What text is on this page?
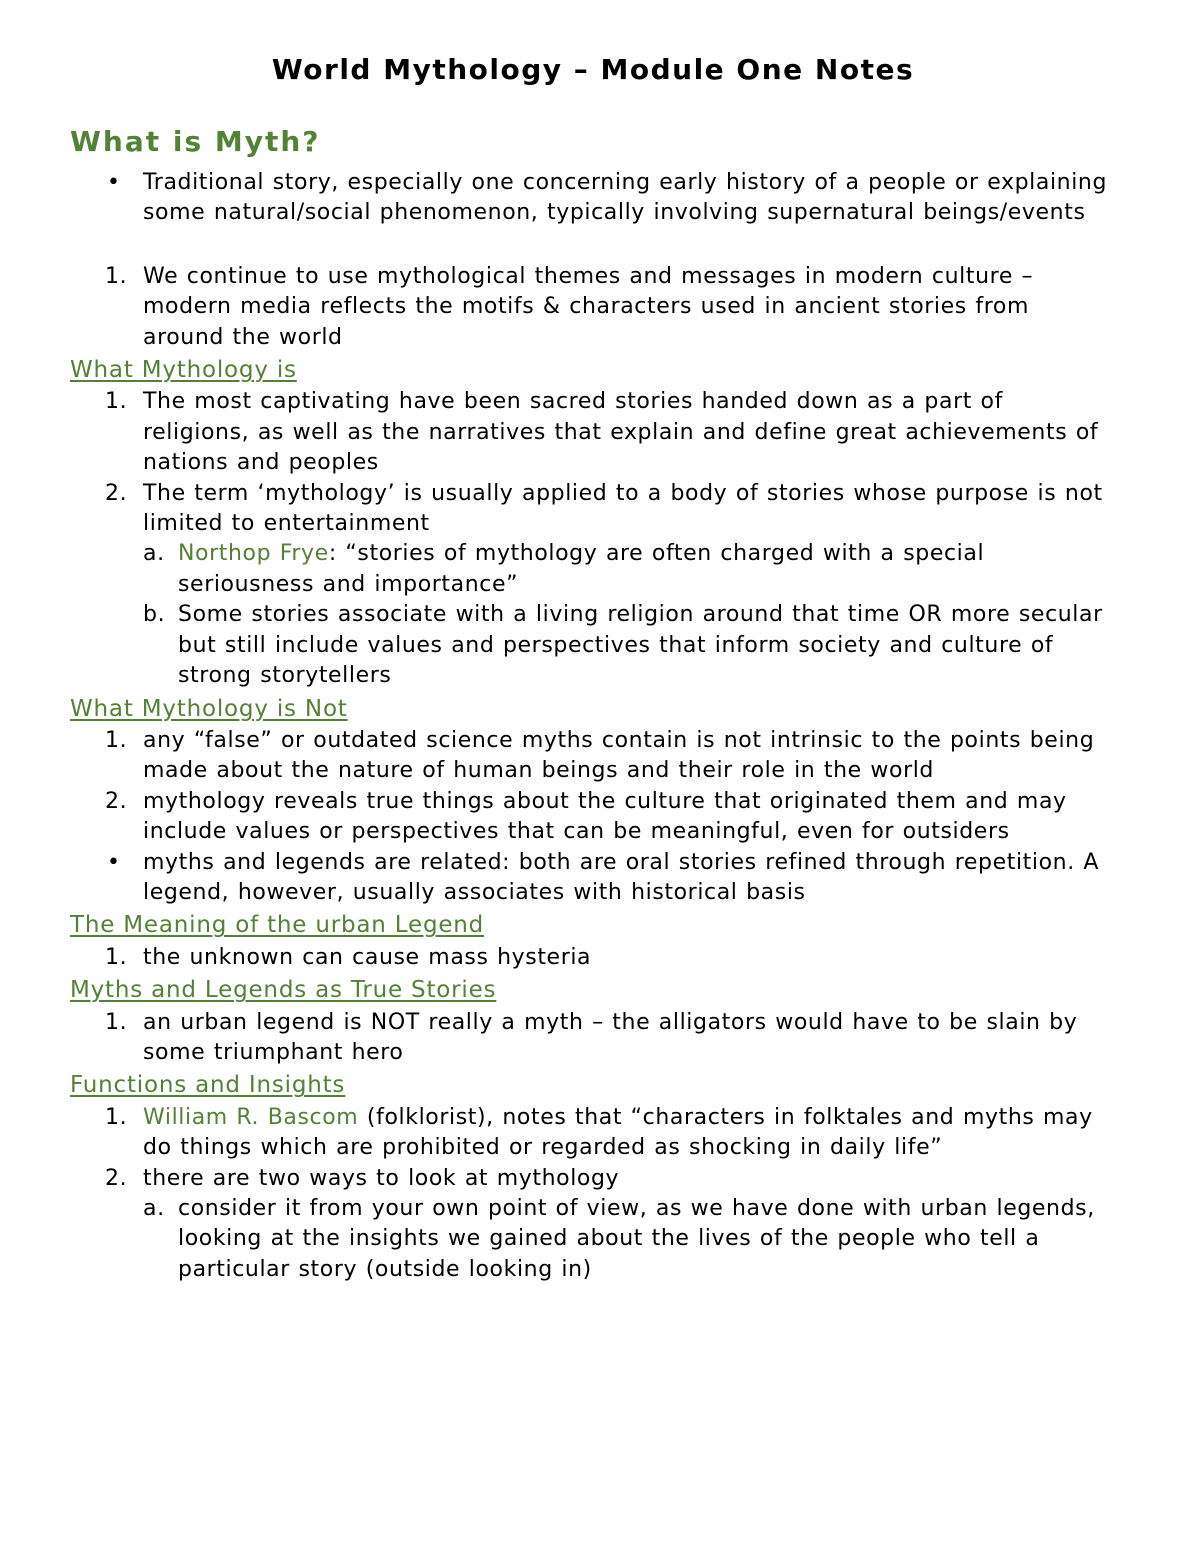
World Mythology – Module One Notes
What is Myth?
• Traditional story, especially one concerning early history of a people or explaining some natural/social phenomenon, typically involving supernatural beings/events
1. We continue to use mythological themes and messages in modern culture – modern media reflects the motifs & characters used in ancient stories from around the world
What Mythology is
1. The most captivating have been sacred stories handed down as a part of religions, as well as the narratives that explain and define great achievements of nations and peoples
2. The term ‘mythology’ is usually applied to a body of stories whose purpose is not limited to entertainment
a. Northop Frye: “stories of mythology are often charged with a special seriousness and importance”
b. Some stories associate with a living religion around that time OR more secular but still include values and perspectives that inform society and culture of strong storytellers
What Mythology is Not
1. any “false” or outdated science myths contain is not intrinsic to the points being made about the nature of human beings and their role in the world
2. mythology reveals true things about the culture that originated them and may include values or perspectives that can be meaningful, even for outsiders
• myths and legends are related: both are oral stories refined through repetition. A legend, however, usually associates with historical basis
The Meaning of the urban Legend
1. the unknown can cause mass hysteria
Myths and Legends as True Stories
1. an urban legend is NOT really a myth – the alligators would have to be slain by some triumphant hero
Functions and Insights
1. William R. Bascom (folklorist), notes that “characters in folktales and myths may do things which are prohibited or regarded as shocking in daily life”
2. there are two ways to look at mythology
a. consider it from your own point of view, as we have done with urban legends, looking at the insights we gained about the lives of the people who tell a particular story (outside looking in)
